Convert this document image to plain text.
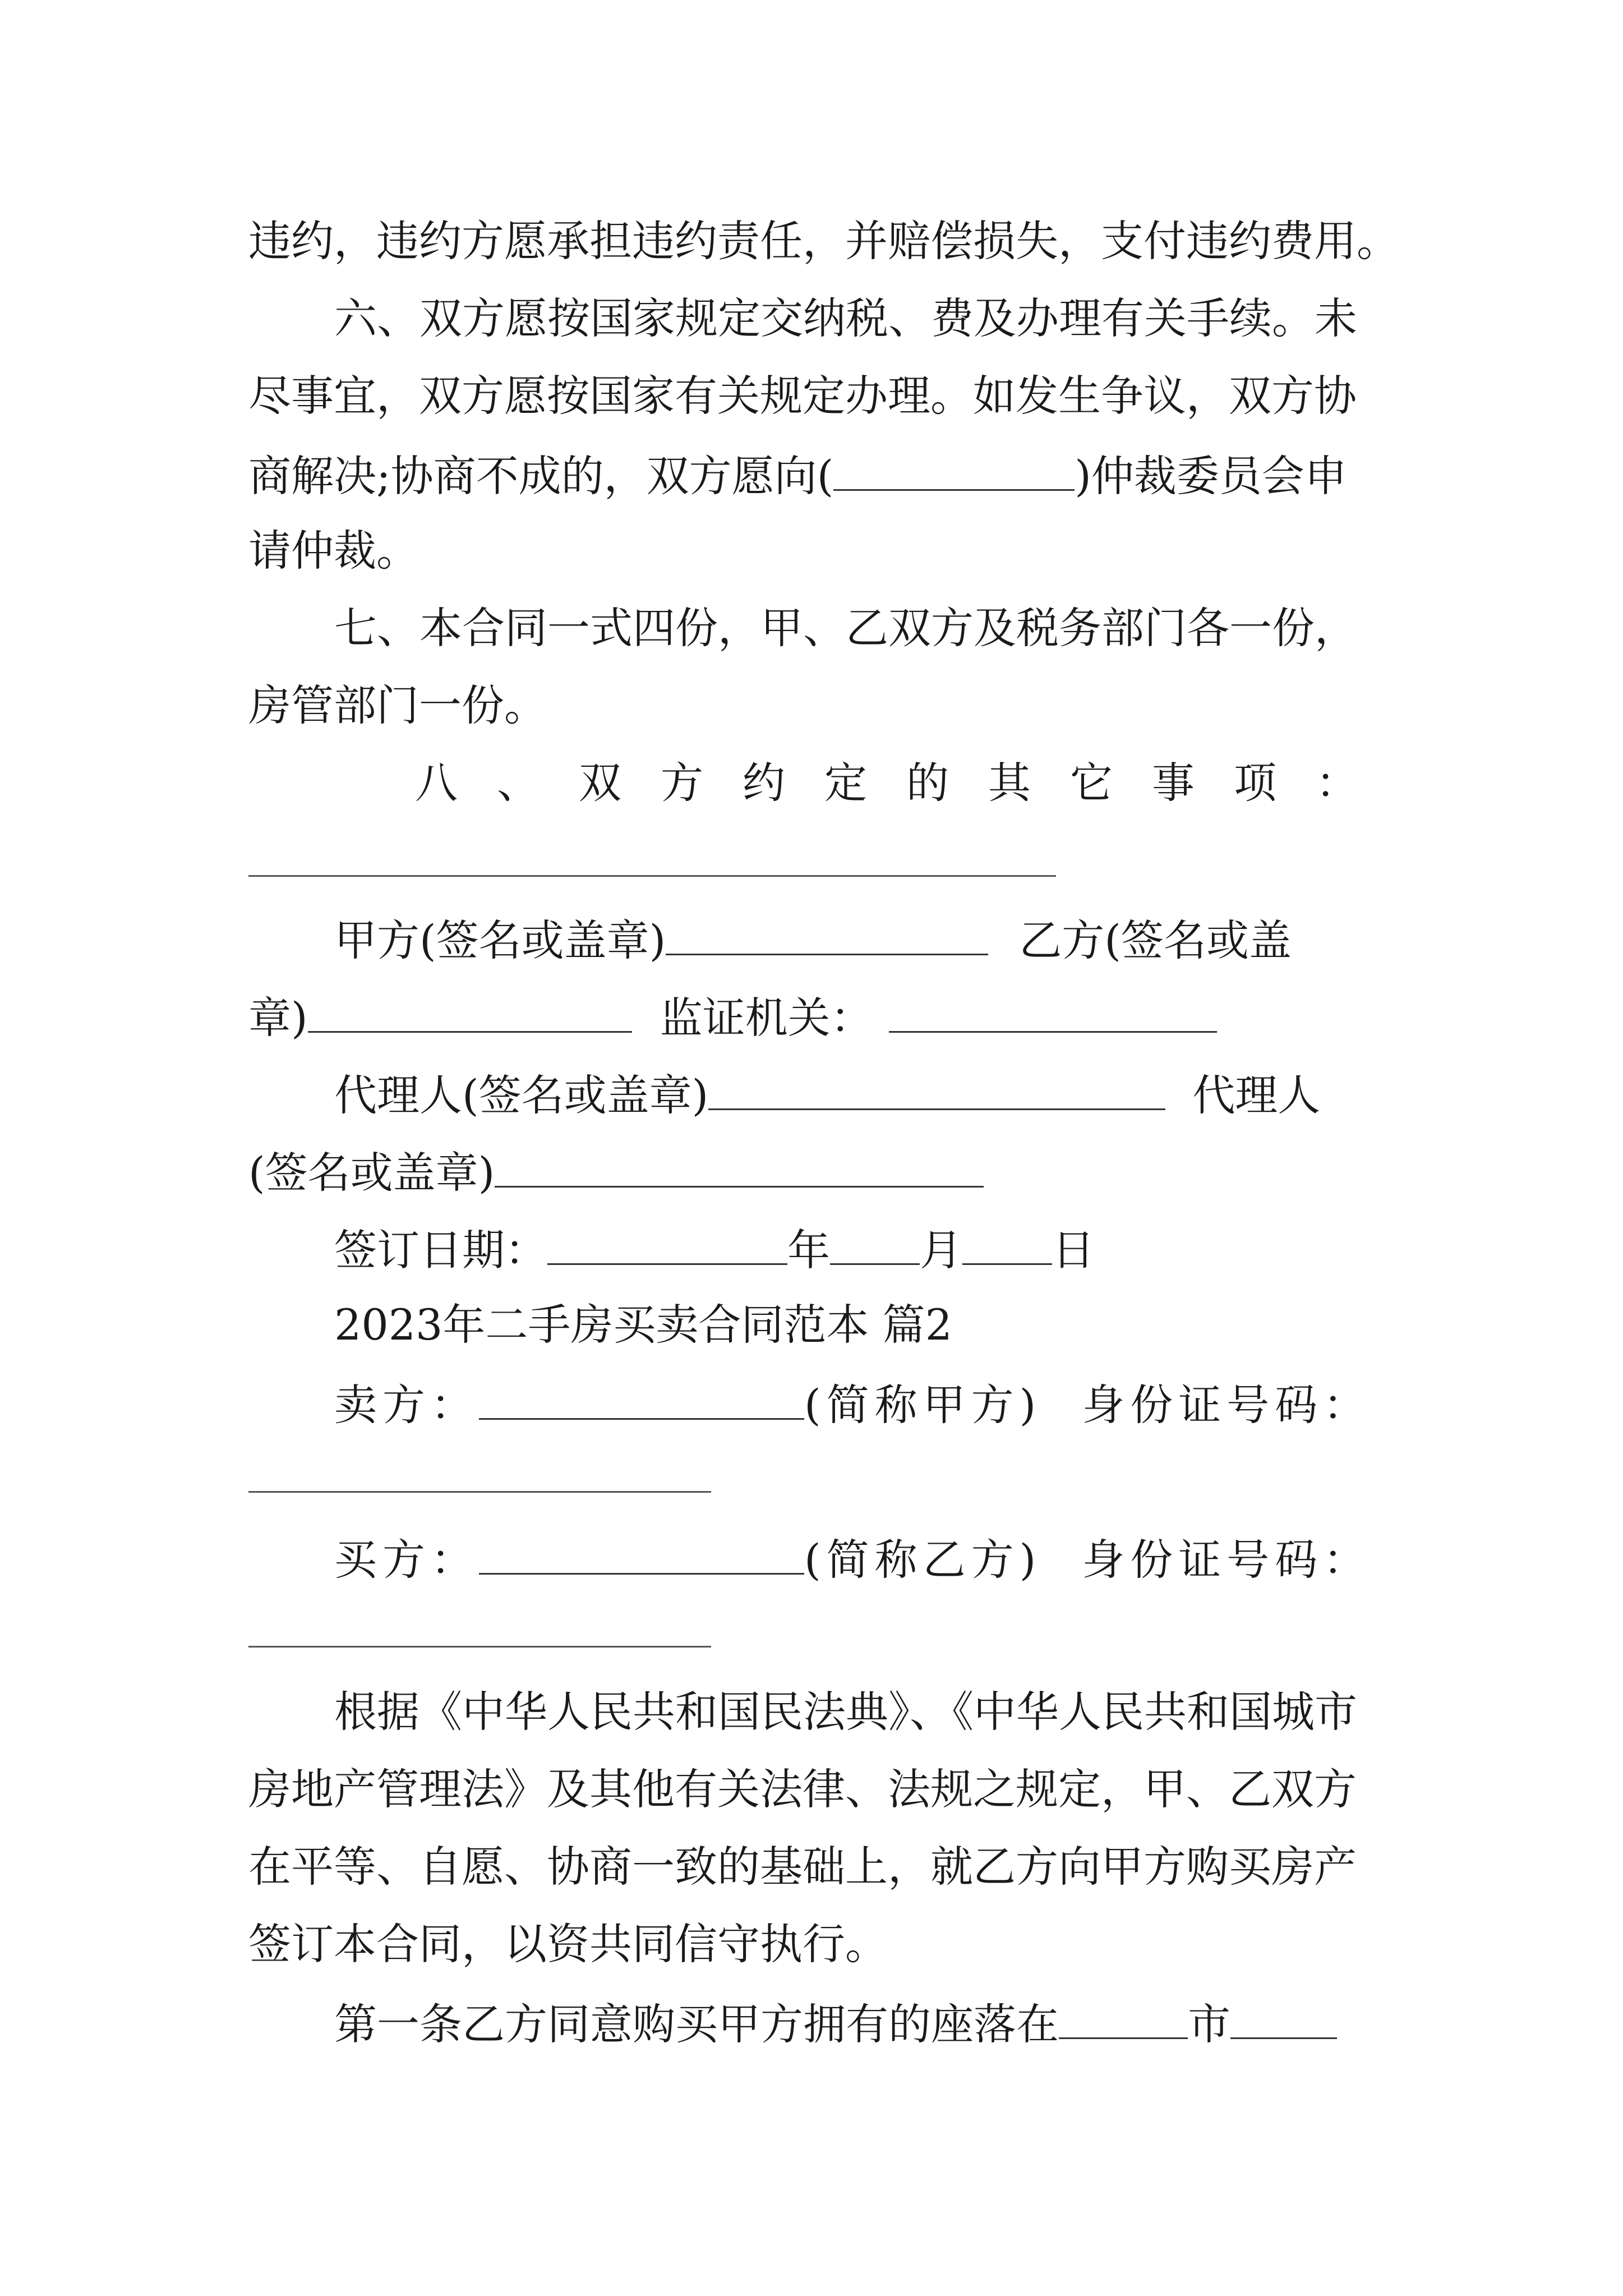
违约，违约方愿承担违约责任，并赔偿损失，支付违约费用。
六、双方愿按国家规定交纳税、费及办理有关手续。未
尽事宜，双方愿按国家有关规定办理。如发生争议，双方协
商解决;协商不成的，双方愿向(	)仲裁委员会申
请仲裁。
七、本合同一式四份，甲、乙双方及税务部门各一份，
房管部门一份。
八、双方约定的其它事项：
甲方(签名或盖章)	乙方(签名或盖
章)	监证机关：
代理人(签名或盖章)	代理人
(签名或盖章)
签订日期：	年 月 日
2023年二手房买卖合同范本 篇2
卖方：	(简称甲方) 身份证号码：
买方：	(简称乙方) 身份证号码：
根据《中华人民共和国民法典》、《中华人民共和国城市
房地产管理法》及其他有关法律、法规之规定，甲、乙双方
在平等、自愿、协商一致的基础上，就乙方向甲方购买房产
签订本合同，以资共同信守执行。
第一条乙方同意购买甲方拥有的座落在	市
